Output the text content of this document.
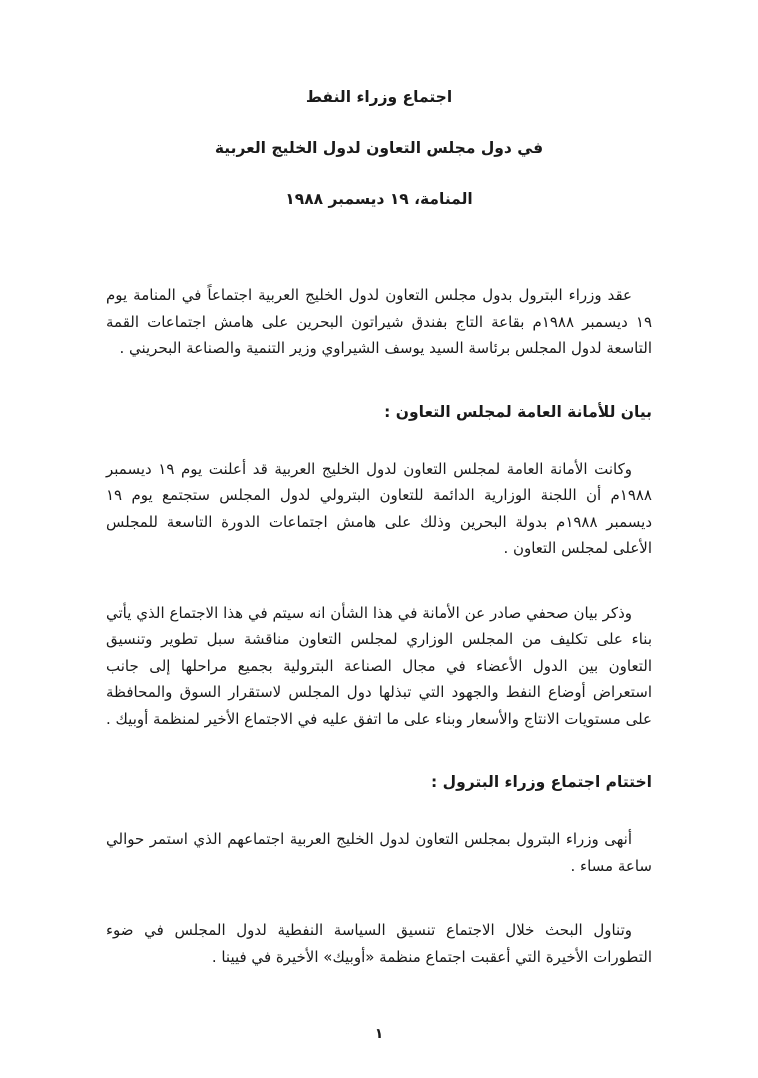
اجتماع وزراء النفط
في دول مجلس التعاون لدول الخليج العربية
المنامة، ١٩ ديسمبر ١٩٨٨

عقد وزراء البترول بدول مجلس التعاون لدول الخليج العربية اجتماعاً في المنامة يوم ١٩ ديسمبر ١٩٨٨م بقاعة التاج بفندق شيراتون البحرين على هامش اجتماعات القمة التاسعة لدول المجلس برئاسة السيد يوسف الشيراوي وزير التنمية والصناعة البحريني .

بيان للأمانة العامة لمجلس التعاون :

وكانت الأمانة العامة لمجلس التعاون لدول الخليج العربية قد أعلنت يوم ١٩ ديسمبر ١٩٨٨م أن اللجنة الوزارية الدائمة للتعاون البترولي لدول المجلس ستجتمع يوم ١٩ ديسمبر ١٩٨٨م بدولة البحرين وذلك على هامش اجتماعات الدورة التاسعة للمجلس الأعلى لمجلس التعاون .

وذكر بيان صحفي صادر عن الأمانة في هذا الشأن انه سيتم في هذا الاجتماع الذي يأتي بناء على تكليف من المجلس الوزاري لمجلس التعاون مناقشة سبل تطوير وتنسيق التعاون بين الدول الأعضاء في مجال الصناعة البترولية بجميع مراحلها إلى جانب استعراض أوضاع النفط والجهود التي تبذلها دول المجلس لاستقرار السوق والمحافظة على مستويات الانتاج والأسعار وبناء على ما اتفق عليه في الاجتماع الأخير لمنظمة أوبيك .

اختتام اجتماع وزراء البترول :

أنهى وزراء البترول بمجلس التعاون لدول الخليج العربية اجتماعهم الذي استمر حوالي ساعة مساء .

وتناول البحث خلال الاجتماع تنسيق السياسة النفطية لدول المجلس في ضوء التطورات الأخيرة التي أعقبت اجتماع منظمة «أوبيك» الأخيرة في فيينا .

١
